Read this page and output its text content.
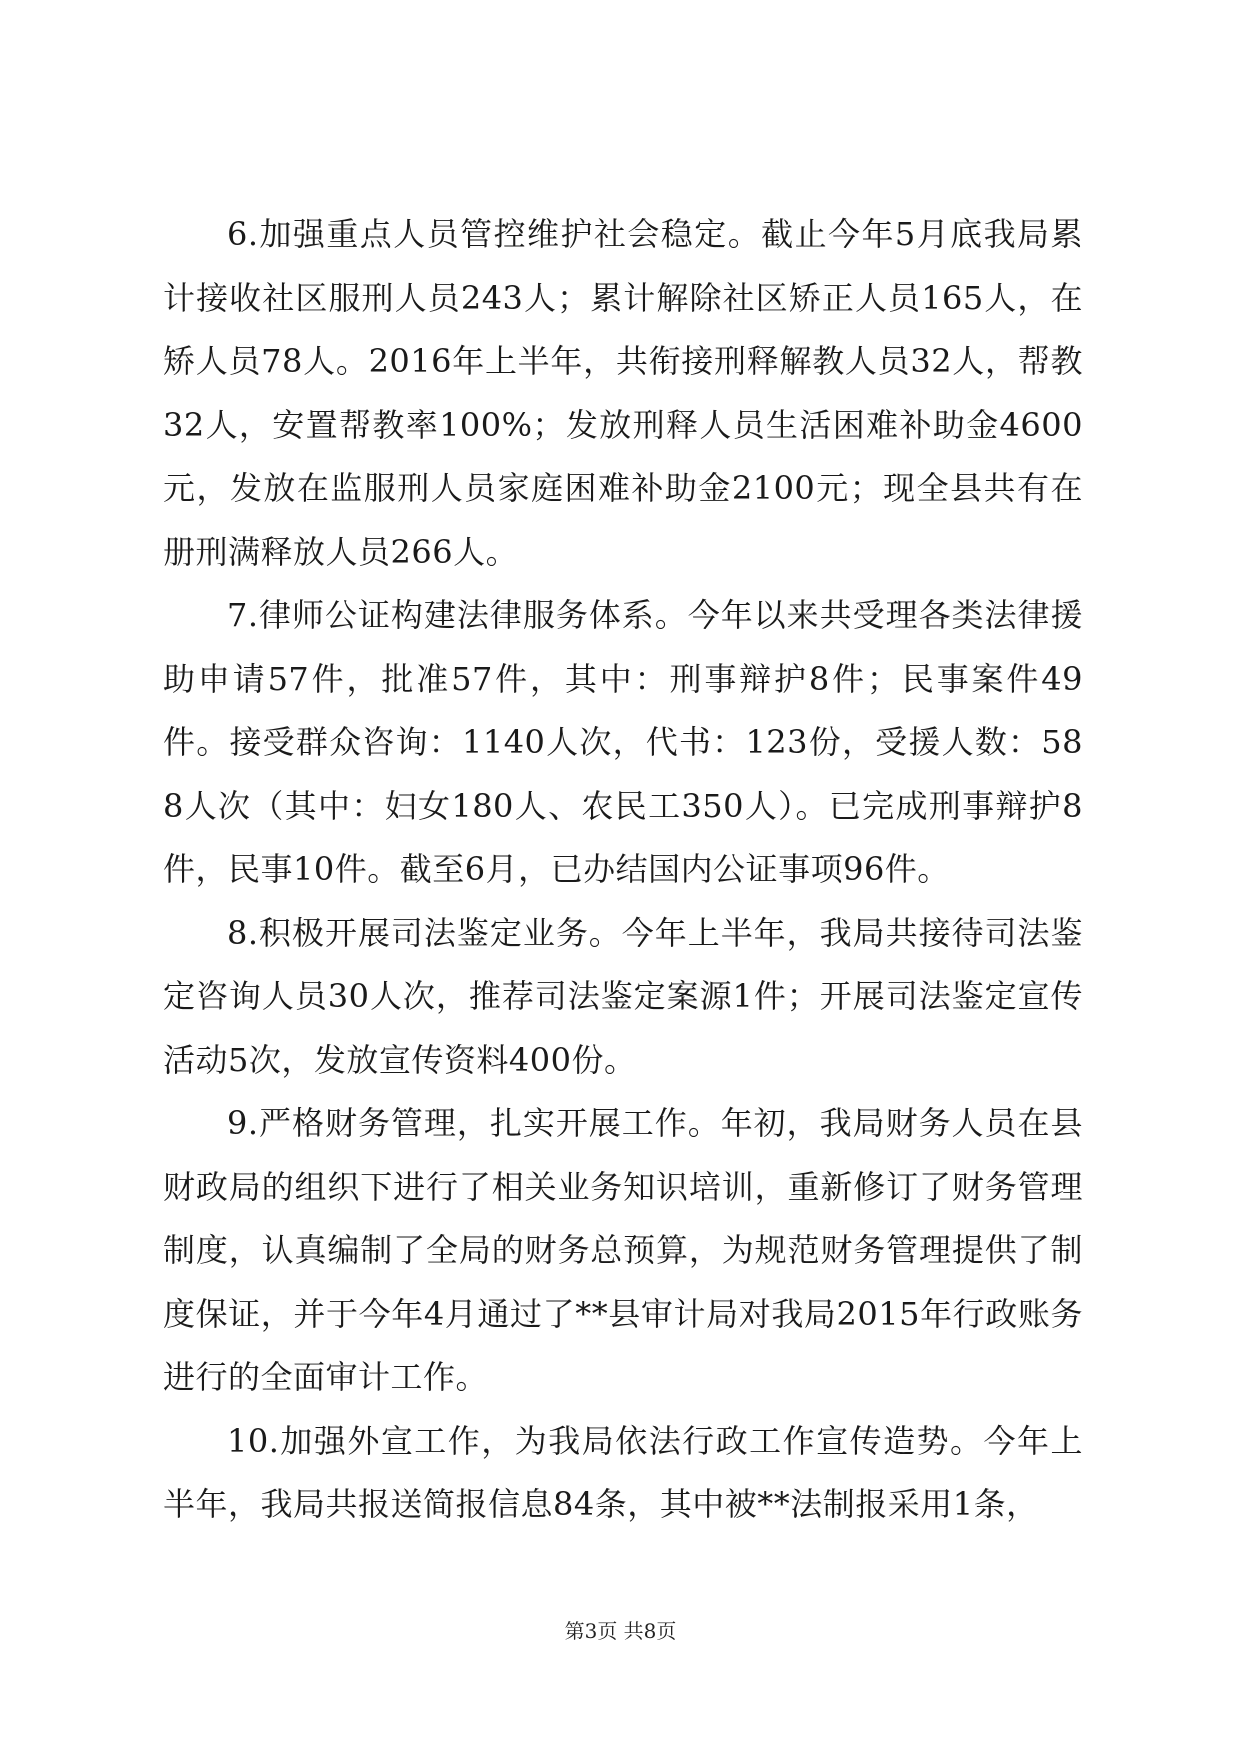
6.加强重点人员管控维护社会稳定。截止今年5月底我局累计接收社区服刑人员243人；累计解除社区矫正人员165人，在矫人员78人。2016年上半年，共衔接刑释解教人员32人，帮教32人，安置帮教率100%；发放刑释人员生活困难补助金4600元，发放在监服刑人员家庭困难补助金2100元；现全县共有在册刑满释放人员266人。

7.律师公证构建法律服务体系。今年以来共受理各类法律援助申请57件，批准57件，其中：刑事辩护8件；民事案件49件。接受群众咨询：1140人次，代书：123份，受援人数：588人次（其中：妇女180人、农民工350人）。已完成刑事辩护8件，民事10件。截至6月，已办结国内公证事项96件。

8.积极开展司法鉴定业务。今年上半年，我局共接待司法鉴定咨询人员30人次，推荐司法鉴定案源1件；开展司法鉴定宣传活动5次，发放宣传资料400份。

9.严格财务管理，扎实开展工作。年初，我局财务人员在县财政局的组织下进行了相关业务知识培训，重新修订了财务管理制度，认真编制了全局的财务总预算，为规范财务管理提供了制度保证，并于今年4月通过了**县审计局对我局2015年行政账务进行的全面审计工作。

10.加强外宣工作，为我局依法行政工作宣传造势。今年上半年，我局共报送简报信息84条，其中被**法制报采用1条，

第3页 共8页
